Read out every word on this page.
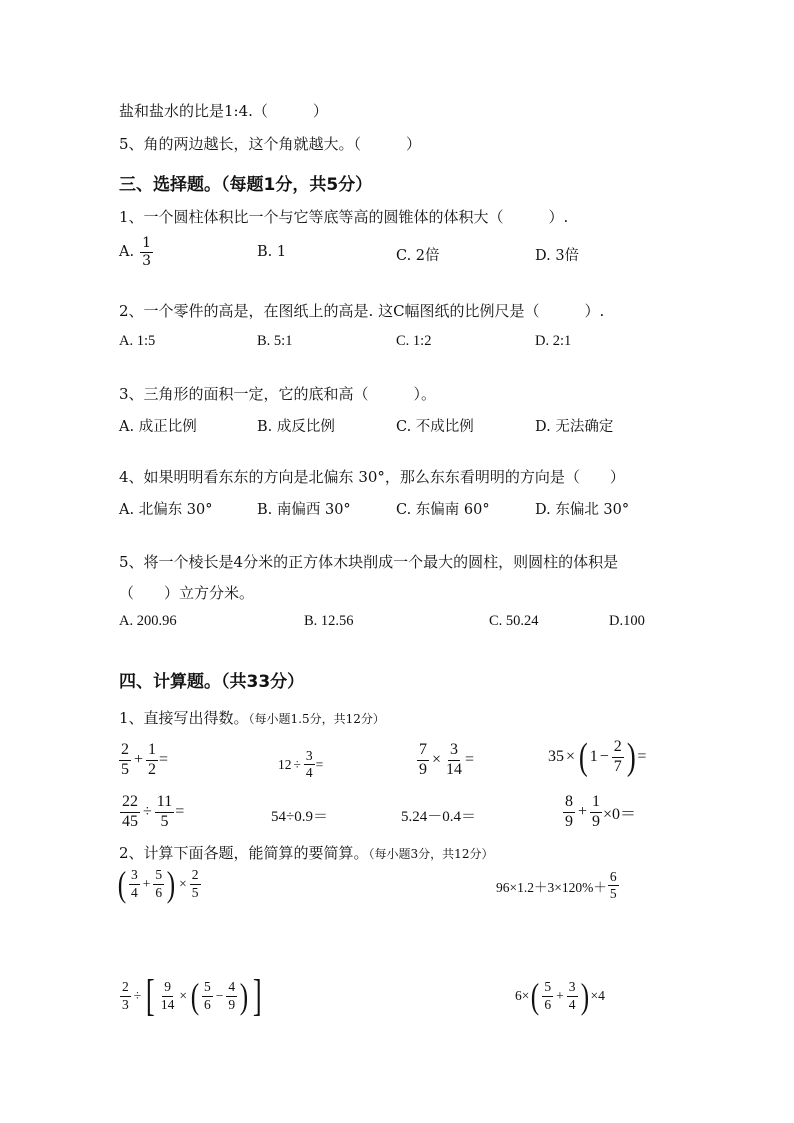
盐和盐水的比是1:4.（　　　）
5、角的两边越长，这个角就越大。（　　　）
三、选择题。（每题1分，共5分）
1、一个圆柱体积比一个与它等底等高的圆锥体的体积大（　　　）.
A. $\frac{1}{3}$	B. 1	C. 2倍	D. 3倍
2、一个零件的高是，在图纸上的高是. 这C幅图纸的比例尺是（　　　）.
A. 1:5	B. 5:1	C. 1:2	D. 2:1
3、三角形的面积一定，它的底和高（　　　）。
A. 成正比例	B. 成反比例	C. 不成比例	D. 无法确定
4、如果明明看东东的方向是北偏东 30°，那么东东看明明的方向是（　　）
A. 北偏东 30°	B. 南偏西 30°	C. 东偏南 60°	D. 东偏北 30°
5、将一个棱长是4分米的正方体木块削成一个最大的圆柱，则圆柱的体积是
（　　）立方分米。
A. 200.96	B. 12.56	C. 50.24	D.100
四、计算题。（共33分）
1、直接写出得数。（每小题1.5分，共12分）
$\frac{2}{5} + \frac{1}{2}$ =	$12 \div \frac{3}{4}$ =	$\frac{7}{9} \times \frac{3}{14}$ =	35 × ( $1 - \frac{2}{7}$ ) =
$\frac{22}{45} \div \frac{11}{5}$ =	54÷0.9＝	5.24－0.4＝	$\frac{8}{9} + \frac{1}{9} \times 0=$
2、计算下面各题，能简算的要简算。（每小题3分，共12分）
( $\frac{3}{4} + \frac{5}{6}$ ) × $\frac{2}{5}$	$96\times 1.2+3\times 120\%+ \frac{6}{5}$
$\frac{2}{3}$ ÷ [ $\frac{9}{14}$ × ( $\frac{5}{6} - \frac{4}{9}$ ) ]	6× ( $\frac{5}{6} + \frac{3}{4}$ ) ×4
